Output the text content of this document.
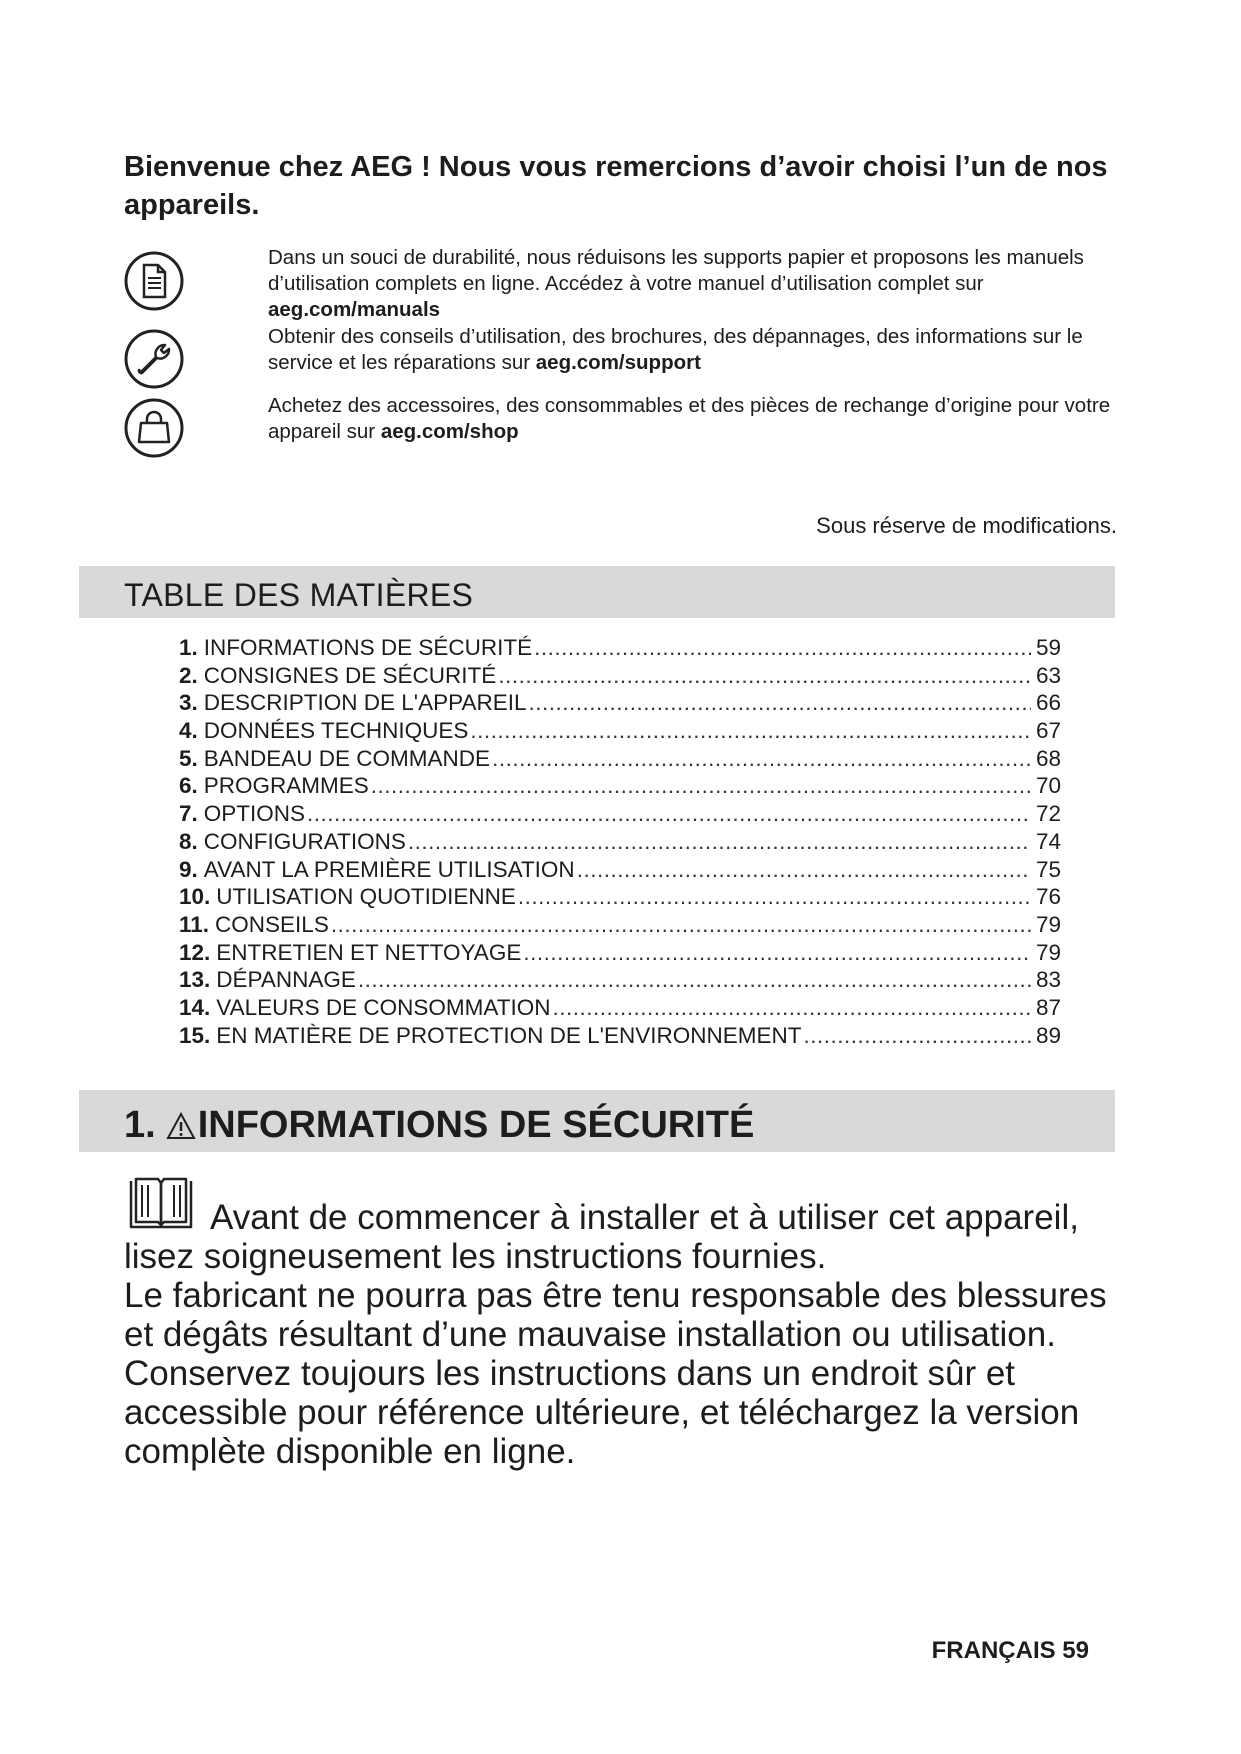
Bienvenue chez AEG ! Nous vous remercions d’avoir choisi l’un de nos appareils.

Dans un souci de durabilité, nous réduisons les supports papier et proposons les manuels d’utilisation complets en ligne. Accédez à votre manuel d’utilisation complet sur aeg.com/manuals

Obtenir des conseils d’utilisation, des brochures, des dépannages, des informations sur le service et les réparations sur aeg.com/support

Achetez des accessoires, des consommables et des pièces de rechange d’origine pour votre appareil sur aeg.com/shop

Sous réserve de modifications.

TABLE DES MATIÈRES
1. INFORMATIONS DE SÉCURITÉ .....	59
2. CONSIGNES DE SÉCURITÉ .....	63
3. DESCRIPTION DE L'APPAREIL .....	66
4. DONNÉES TECHNIQUES .....	67
5. BANDEAU DE COMMANDE .....	68
6. PROGRAMMES .....	70
7. OPTIONS .....	72
8. CONFIGURATIONS .....	74
9. AVANT LA PREMIÈRE UTILISATION .....	75
10. UTILISATION QUOTIDIENNE .....	76
11. CONSEILS .....	79
12. ENTRETIEN ET NETTOYAGE .....	79
13. DÉPANNAGE .....	83
14. VALEURS DE CONSOMMATION .....	87
15. EN MATIÈRE DE PROTECTION DE L'ENVIRONNEMENT .....	89
1. INFORMATIONS DE SÉCURITÉ

Avant de commencer à installer et à utiliser cet appareil, lisez soigneusement les instructions fournies.

Le fabricant ne pourra pas être tenu responsable des blessures et dégâts résultant d’une mauvaise installation ou utilisation. Conservez toujours les instructions dans un endroit sûr et accessible pour référence ultérieure, et téléchargez la version complète disponible en ligne.

FRANÇAIS 59
